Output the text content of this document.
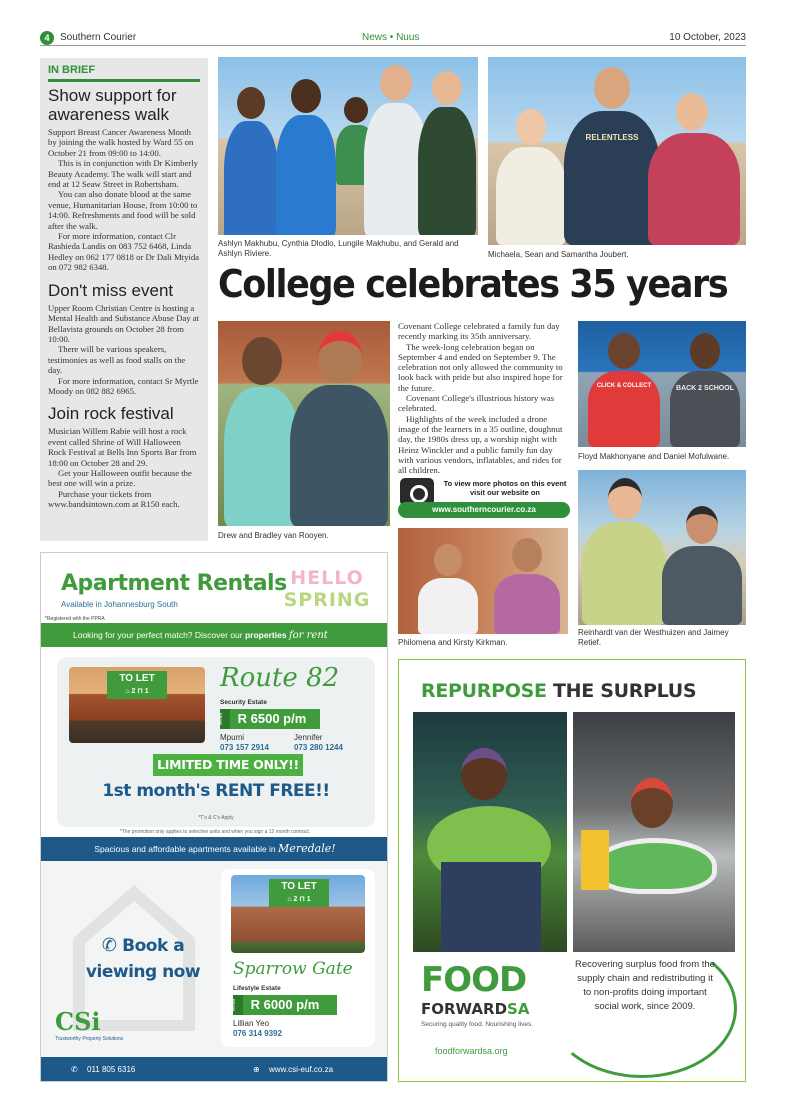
4	Southern Courier	News • Nuus	10 October, 2023
IN BRIEF
Show support for awareness walk

Support Breast Cancer Awareness Month by joining the walk hosted by Ward 55 on October 21 from 09:00 to 14:00.

This is in conjunction with Dr Kimberly Beauty Academy. The walk will start and end at 12 Seaw Street in Robertsham.

You can also donate blood at the same venue, Humanitarian House, from 10:00 to 14:00. Refreshments and food will be sold after the walk.

For more information, contact Clr Rashieda Landis on 083 752 6468, Linda Hedley on 062 177 0818 or Dr Dali Mtyida on 072 982 6348.

Don't miss event

Upper Room Christian Centre is hosting a Mental Health and Substance Abuse Day at Bellavista grounds on October 28 from 10:00.

There will be various speakers, testimonies as well as food stalls on the day.

For more information, contact Sr Myrtle Moody on 082 882 6965.

Join rock festival

Musician Willem Rabie will host a rock event called Shrine of Will Halloween Rock Festival at Bells Inn Sports Bar from 18:00 on October 28 and 29.

Get your Halloween outfit because the best one will win a prize.

Purchase your tickets from www.bandsintown.com at R150 each.

Ashlyn Makhubu, Cynthia Dlodlo, Lungile Makhubu, and Gerald and Ashlyn Riviere.
RELENTLESS
Michaela, Sean and Samantha Joubert.
College celebrates 35 years
Drew and Bradley van Rooyen.

Covenant College celebrated a family fun day recently marking its 35th anniversary.

The week-long celebration began on September 4 and ended on September 9. The celebration not only allowed the community to look back with pride but also inspired hope for the future.

Covenant College's illustrious history was celebrated.

Highlights of the week included a drone image of the learners in a 35 outline, doughnut day, the 1980s dress up, a worship night with Heinz Winckler and a public family fun day with various vendors, inflatables, and rides for all children.

To view more photos on this event visit our website on
www.southerncourier.co.za
CLICK & COLLECT	BACK 2 SCHOOL
Floyd Makhonyane and Daniel Mofulwane.
Philomena and Kirsty Kirkman.
Reinhardt van der Westhuizen and Jaimey Retief.
Apartment Rentals
Available in Johannesburg South
*Registered with the PPRA
HELLO
SPRING
Looking for your perfect match? Discover our properties for rent
TO LET
⌂ 2 ⊓ 1	Route 82
Security Estate
FROM R 6500 p/m
Mpumi
073 157 2914
Jennifer
073 280 1244
LIMITED TIME ONLY!!
1st month's RENT FREE!!
*T's & C's Apply
*The promotion only applies to selective units and when you sign a 12 month contract.
Spacious and affordable apartments available in Meredale!
✆ Book a
viewing now
TO LET
⌂ 2 ⊓ 1
Sparrow Gate
Lifestyle Estate
FROM R 6000 p/m
Lillian Yeo
076 314 9392
CSi
Trustworthy Property Solutions
✆ 011 805 6316	⊕ www.csi-euf.co.za
REPURPOSE THE SURPLUS
FOOD
FORWARDSA
Securing quality food. Nourishing lives.
foodforwardsa.org
Recovering surplus food from the supply chain and redistributing it to non-profits doing important social work, since 2009.
